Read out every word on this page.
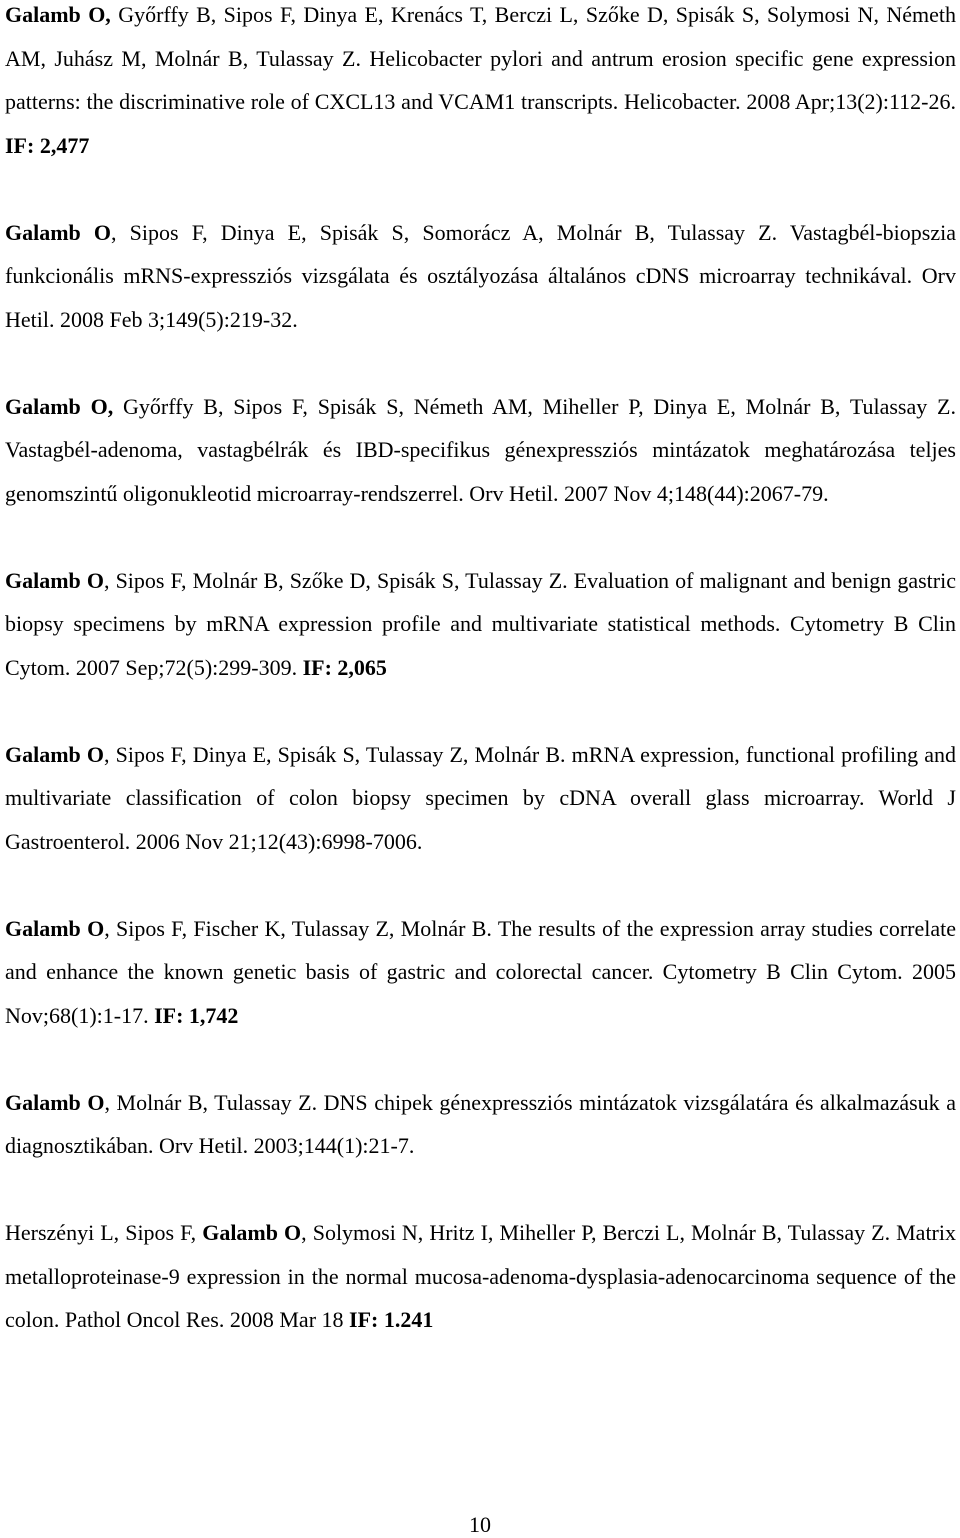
Galamb O, Győrffy B, Sipos F, Dinya E, Krenács T, Berczi L, Szőke D, Spisák S, Solymosi N, Németh AM, Juhász M, Molnár B, Tulassay Z. Helicobacter pylori and antrum erosion specific gene expression patterns: the discriminative role of CXCL13 and VCAM1 transcripts. Helicobacter. 2008 Apr;13(2):112-26. IF: 2,477

Galamb O, Sipos F, Dinya E, Spisák S, Somorácz A, Molnár B, Tulassay Z. Vastagbél-biopszia funkcionális mRNS-expressziós vizsgálata és osztályozása általános cDNS microarray technikával. Orv Hetil. 2008 Feb 3;149(5):219-32.

Galamb O, Győrffy B, Sipos F, Spisák S, Németh AM, Miheller P, Dinya E, Molnár B, Tulassay Z. Vastagbél-adenoma, vastagbélrák és IBD-specifikus génexpressziós mintázatok meghatározása teljes genomszintű oligonukleotid microarray-rendszerrel. Orv Hetil. 2007 Nov 4;148(44):2067-79.

Galamb O, Sipos F, Molnár B, Szőke D, Spisák S, Tulassay Z. Evaluation of malignant and benign gastric biopsy specimens by mRNA expression profile and multivariate statistical methods. Cytometry B Clin Cytom. 2007 Sep;72(5):299-309. IF: 2,065

Galamb O, Sipos F, Dinya E, Spisák S, Tulassay Z, Molnár B. mRNA expression, functional profiling and multivariate classification of colon biopsy specimen by cDNA overall glass microarray. World J Gastroenterol. 2006 Nov 21;12(43):6998-7006.

Galamb O, Sipos F, Fischer K, Tulassay Z, Molnár B. The results of the expression array studies correlate and enhance the known genetic basis of gastric and colorectal cancer. Cytometry B Clin Cytom. 2005 Nov;68(1):1-17. IF: 1,742

Galamb O, Molnár B, Tulassay Z. DNS chipek génexpressziós mintázatok vizsgálatára és alkalmazásuk a diagnosztikában. Orv Hetil. 2003;144(1):21-7.

Herszényi L, Sipos F, Galamb O, Solymosi N, Hritz I, Miheller P, Berczi L, Molnár B, Tulassay Z. Matrix metalloproteinase-9 expression in the normal mucosa-adenoma-dysplasia-adenocarcinoma sequence of the colon. Pathol Oncol Res. 2008 Mar 18 IF: 1.241

10
